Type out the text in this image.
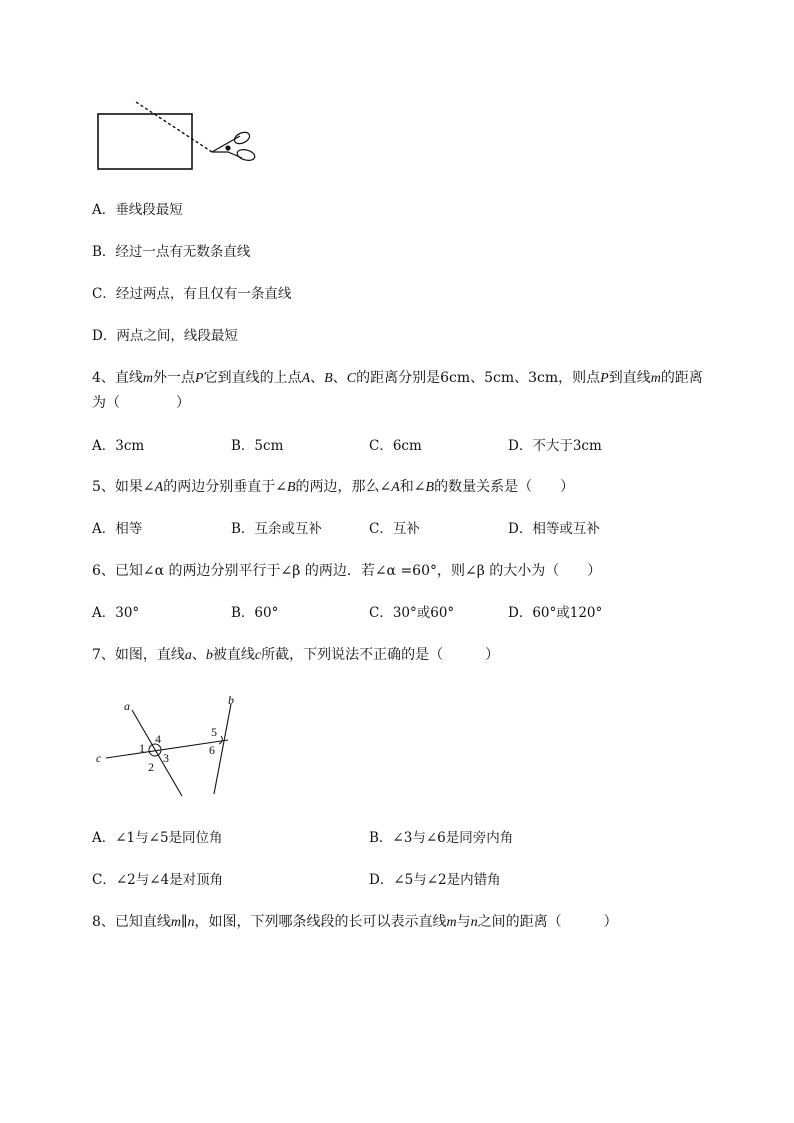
A．垂线段最短
B．经过一点有无数条直线
C．经过两点，有且仅有一条直线
D．两点之间，线段最短
4、直线m外一点P它到直线的上点A、B、C的距离分别是6cm、5cm、3cm，则点P到直线m的距离
为（　　　　）
A．3cm	B．5cm	C．6cm	D．不大于3cm
5、如果∠A的两边分别垂直于∠B的两边，那么∠A和∠B的数量关系是（　　）
A．相等	B．互余或互补	C．互补	D．相等或互补
6、已知∠α 的两边分别平行于∠β 的两边．若∠α =60°，则∠β 的大小为（　　）
A．30°	B．60°	C．30°或60°	D．60°或120°
7、如图，直线a、b被直线c所截，下列说法不正确的是（　　　）
a	b
c
1
2
3
4	5
6
A．∠1与∠5是同位角	B．∠3与∠6是同旁内角
C．∠2与∠4是对顶角	D．∠5与∠2是内错角
8、已知直线m∥n，如图，下列哪条线段的长可以表示直线m与n之间的距离（　　　）
